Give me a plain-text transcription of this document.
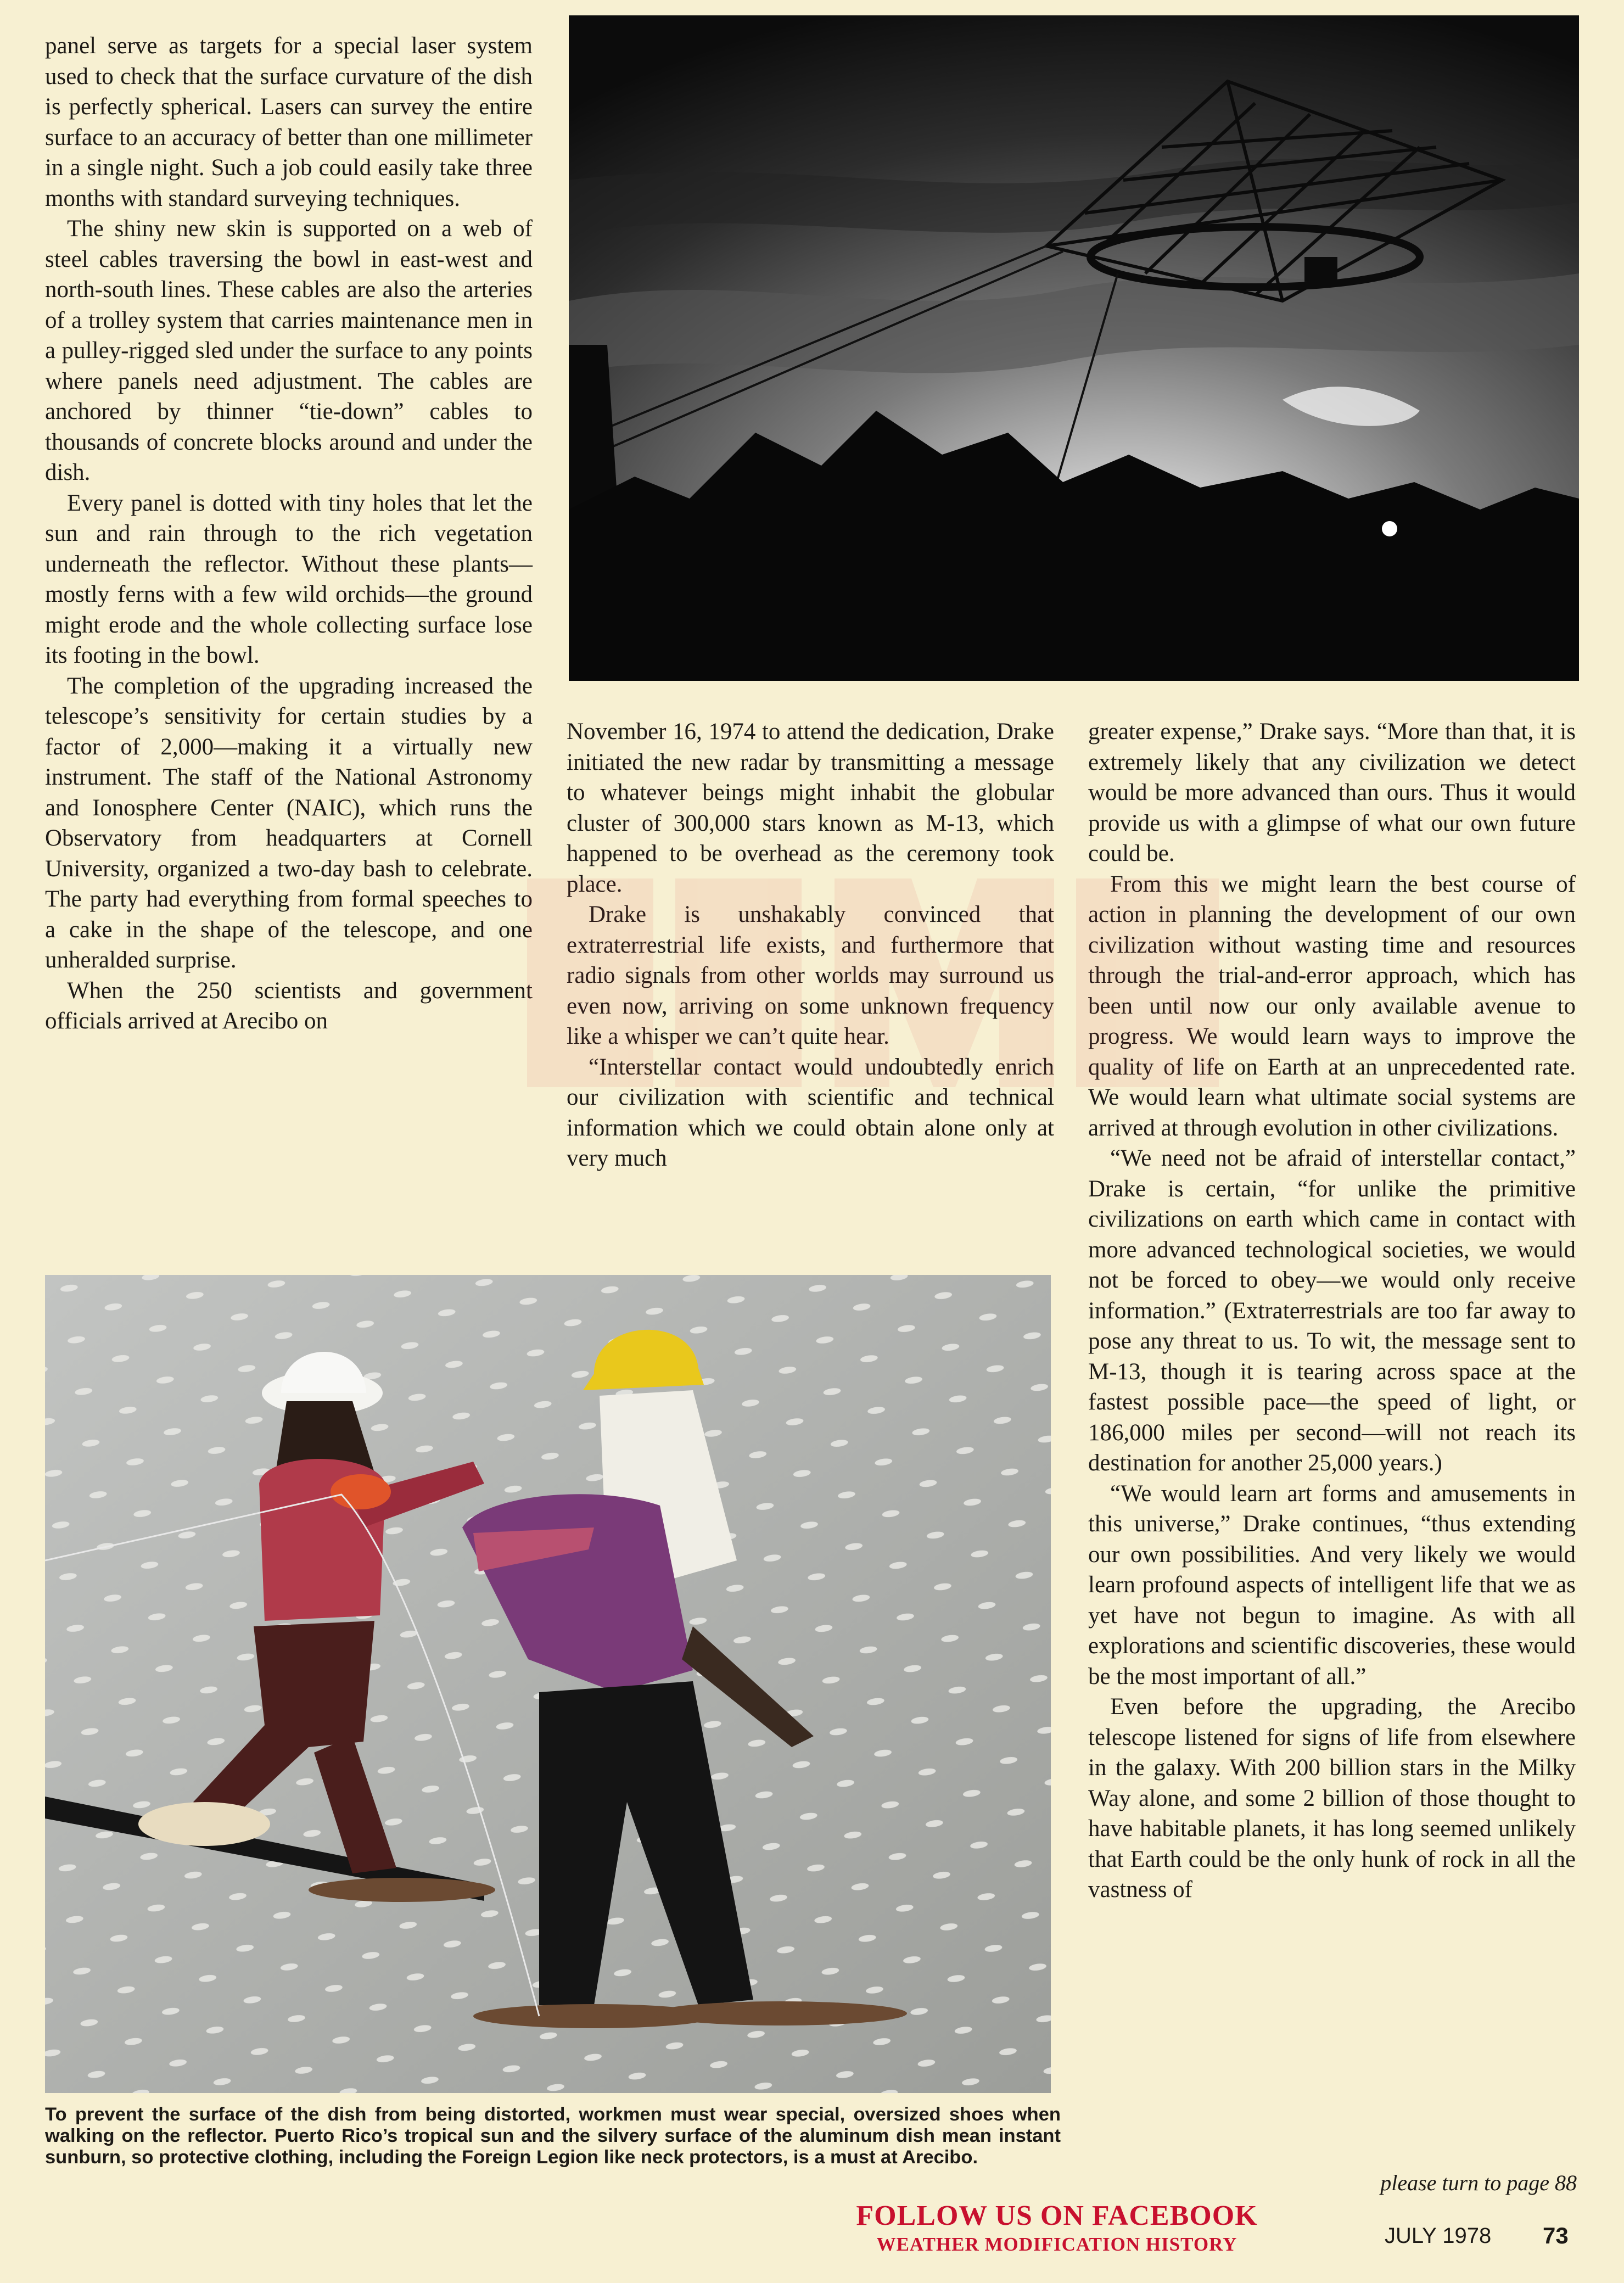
panel serve as targets for a special laser system used to check that the surface curvature of the dish is perfectly spherical. Lasers can survey the entire surface to an accuracy of better than one millimeter in a single night. Such a job could easily take three months with standard surveying techniques.

The shiny new skin is supported on a web of steel cables traversing the bowl in east-west and north-south lines. These cables are also the arteries of a trolley system that carries maintenance men in a pulley-rigged sled under the surface to any points where panels need adjustment. The cables are anchored by thinner “tie-down” cables to thousands of concrete blocks around and under the dish.

Every panel is dotted with tiny holes that let the sun and rain through to the rich vegetation underneath the reflector. Without these plants—mostly ferns with a few wild orchids—the ground might erode and the whole collecting surface lose its footing in the bowl.

The completion of the upgrading increased the telescope’s sensitivity for certain studies by a factor of 2,000—making it a virtually new instrument. The staff of the National Astronomy and Ionosphere Center (NAIC), which runs the Observatory from headquarters at Cornell University, organized a two-day bash to celebrate. The party had everything from formal speeches to a cake in the shape of the telescope, and one unheralded surprise.

When the 250 scientists and government officials arrived at Arecibo on

November 16, 1974 to attend the dedication, Drake initiated the new radar by transmitting a message to whatever beings might inhabit the globular cluster of 300,000 stars known as M-13, which happened to be overhead as the ceremony took place.

Drake is unshakably convinced that extraterrestrial life exists, and furthermore that radio signals from other worlds may surround us even now, arriving on some unknown frequency like a whisper we can’t quite hear.

“Interstellar contact would undoubtedly enrich our civilization with scientific and technical information which we could obtain alone only at very much

greater expense,” Drake says. “More than that, it is extremely likely that any civilization we detect would be more advanced than ours. Thus it would provide us with a glimpse of what our own future could be.

From this we might learn the best course of action in planning the development of our own civilization without wasting time and resources through the trial-and-error approach, which has been until now our only available avenue to progress. We would learn ways to improve the quality of life on Earth at an unprecedented rate. We would learn what ultimate social systems are arrived at through evolution in other civilizations.

“We need not be afraid of interstellar contact,” Drake is certain, “for unlike the primitive civilizations on earth which came in contact with more advanced technological societies, we would not be forced to obey—we would only receive information.” (Extraterrestrials are too far away to pose any threat to us. To wit, the message sent to M-13, though it is tearing across space at the fastest possible pace—the speed of light, or 186,000 miles per second—will not reach its destination for another 25,000 years.)

“We would learn art forms and amusements in this universe,” Drake continues, “thus extending our own possibilities. And very likely we would learn profound aspects of intelligent life that we as yet have not begun to imagine. As with all explorations and scientific discoveries, these would be the most important of all.”

Even before the upgrading, the Arecibo telescope listened for signs of life from elsewhere in the galaxy. With 200 billion stars in the Milky Way alone, and some 2 billion of those thought to have habitable planets, it has long seemed unlikely that Earth could be the only hunk of rock in all the vastness of

To prevent the surface of the dish from being distorted, workmen must wear special, oversized shoes when walking on the reflector. Puerto Rico’s tropical sun and the silvery surface of the aluminum dish mean instant sunburn, so protective clothing, including the Foreign Legion like neck protectors, is a must at Arecibo.
please turn to page 88
FOLLOW US ON FACEBOOK
WEATHER MODIFICATION HISTORY	JULY 1978 73
